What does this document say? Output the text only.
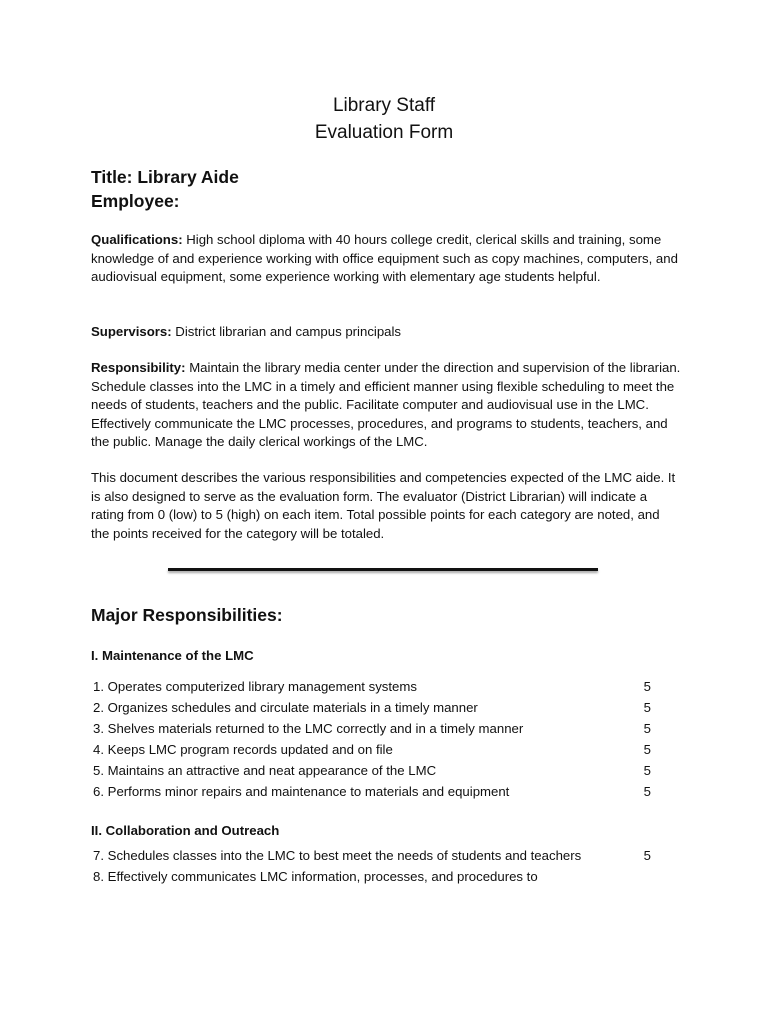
Library Staff
Evaluation Form
Title: Library Aide
Employee:
Qualifications: High school diploma with 40 hours college credit, clerical skills and training, some knowledge of and experience working with office equipment such as copy machines, computers, and audiovisual equipment, some experience working with elementary age students helpful.
Supervisors: District librarian and campus principals
Responsibility: Maintain the library media center under the direction and supervision of the librarian. Schedule classes into the LMC in a timely and efficient manner using flexible scheduling to meet the needs of students, teachers and the public. Facilitate computer and audiovisual use in the LMC. Effectively communicate the LMC processes, procedures, and programs to students, teachers, and the public. Manage the daily clerical workings of the LMC.
This document describes the various responsibilities and competencies expected of the LMC aide. It is also designed to serve as the evaluation form. The evaluator (District Librarian) will indicate a rating from 0 (low) to 5 (high) on each item. Total possible points for each category are noted, and the points received for the category will be totaled.
Major Responsibilities:
I. Maintenance of the LMC
1. Operates computerized library management systems	5
2. Organizes schedules and circulate materials in a timely manner	5
3. Shelves materials returned to the LMC correctly and in a timely manner	5
4. Keeps LMC program records updated and on file	5
5. Maintains an attractive and neat appearance of the LMC	5
6. Performs minor repairs and maintenance to materials and equipment	5
II. Collaboration and Outreach
7. Schedules classes into the LMC to best meet the needs of students and teachers	5
8. Effectively communicates LMC information, processes, and procedures to
